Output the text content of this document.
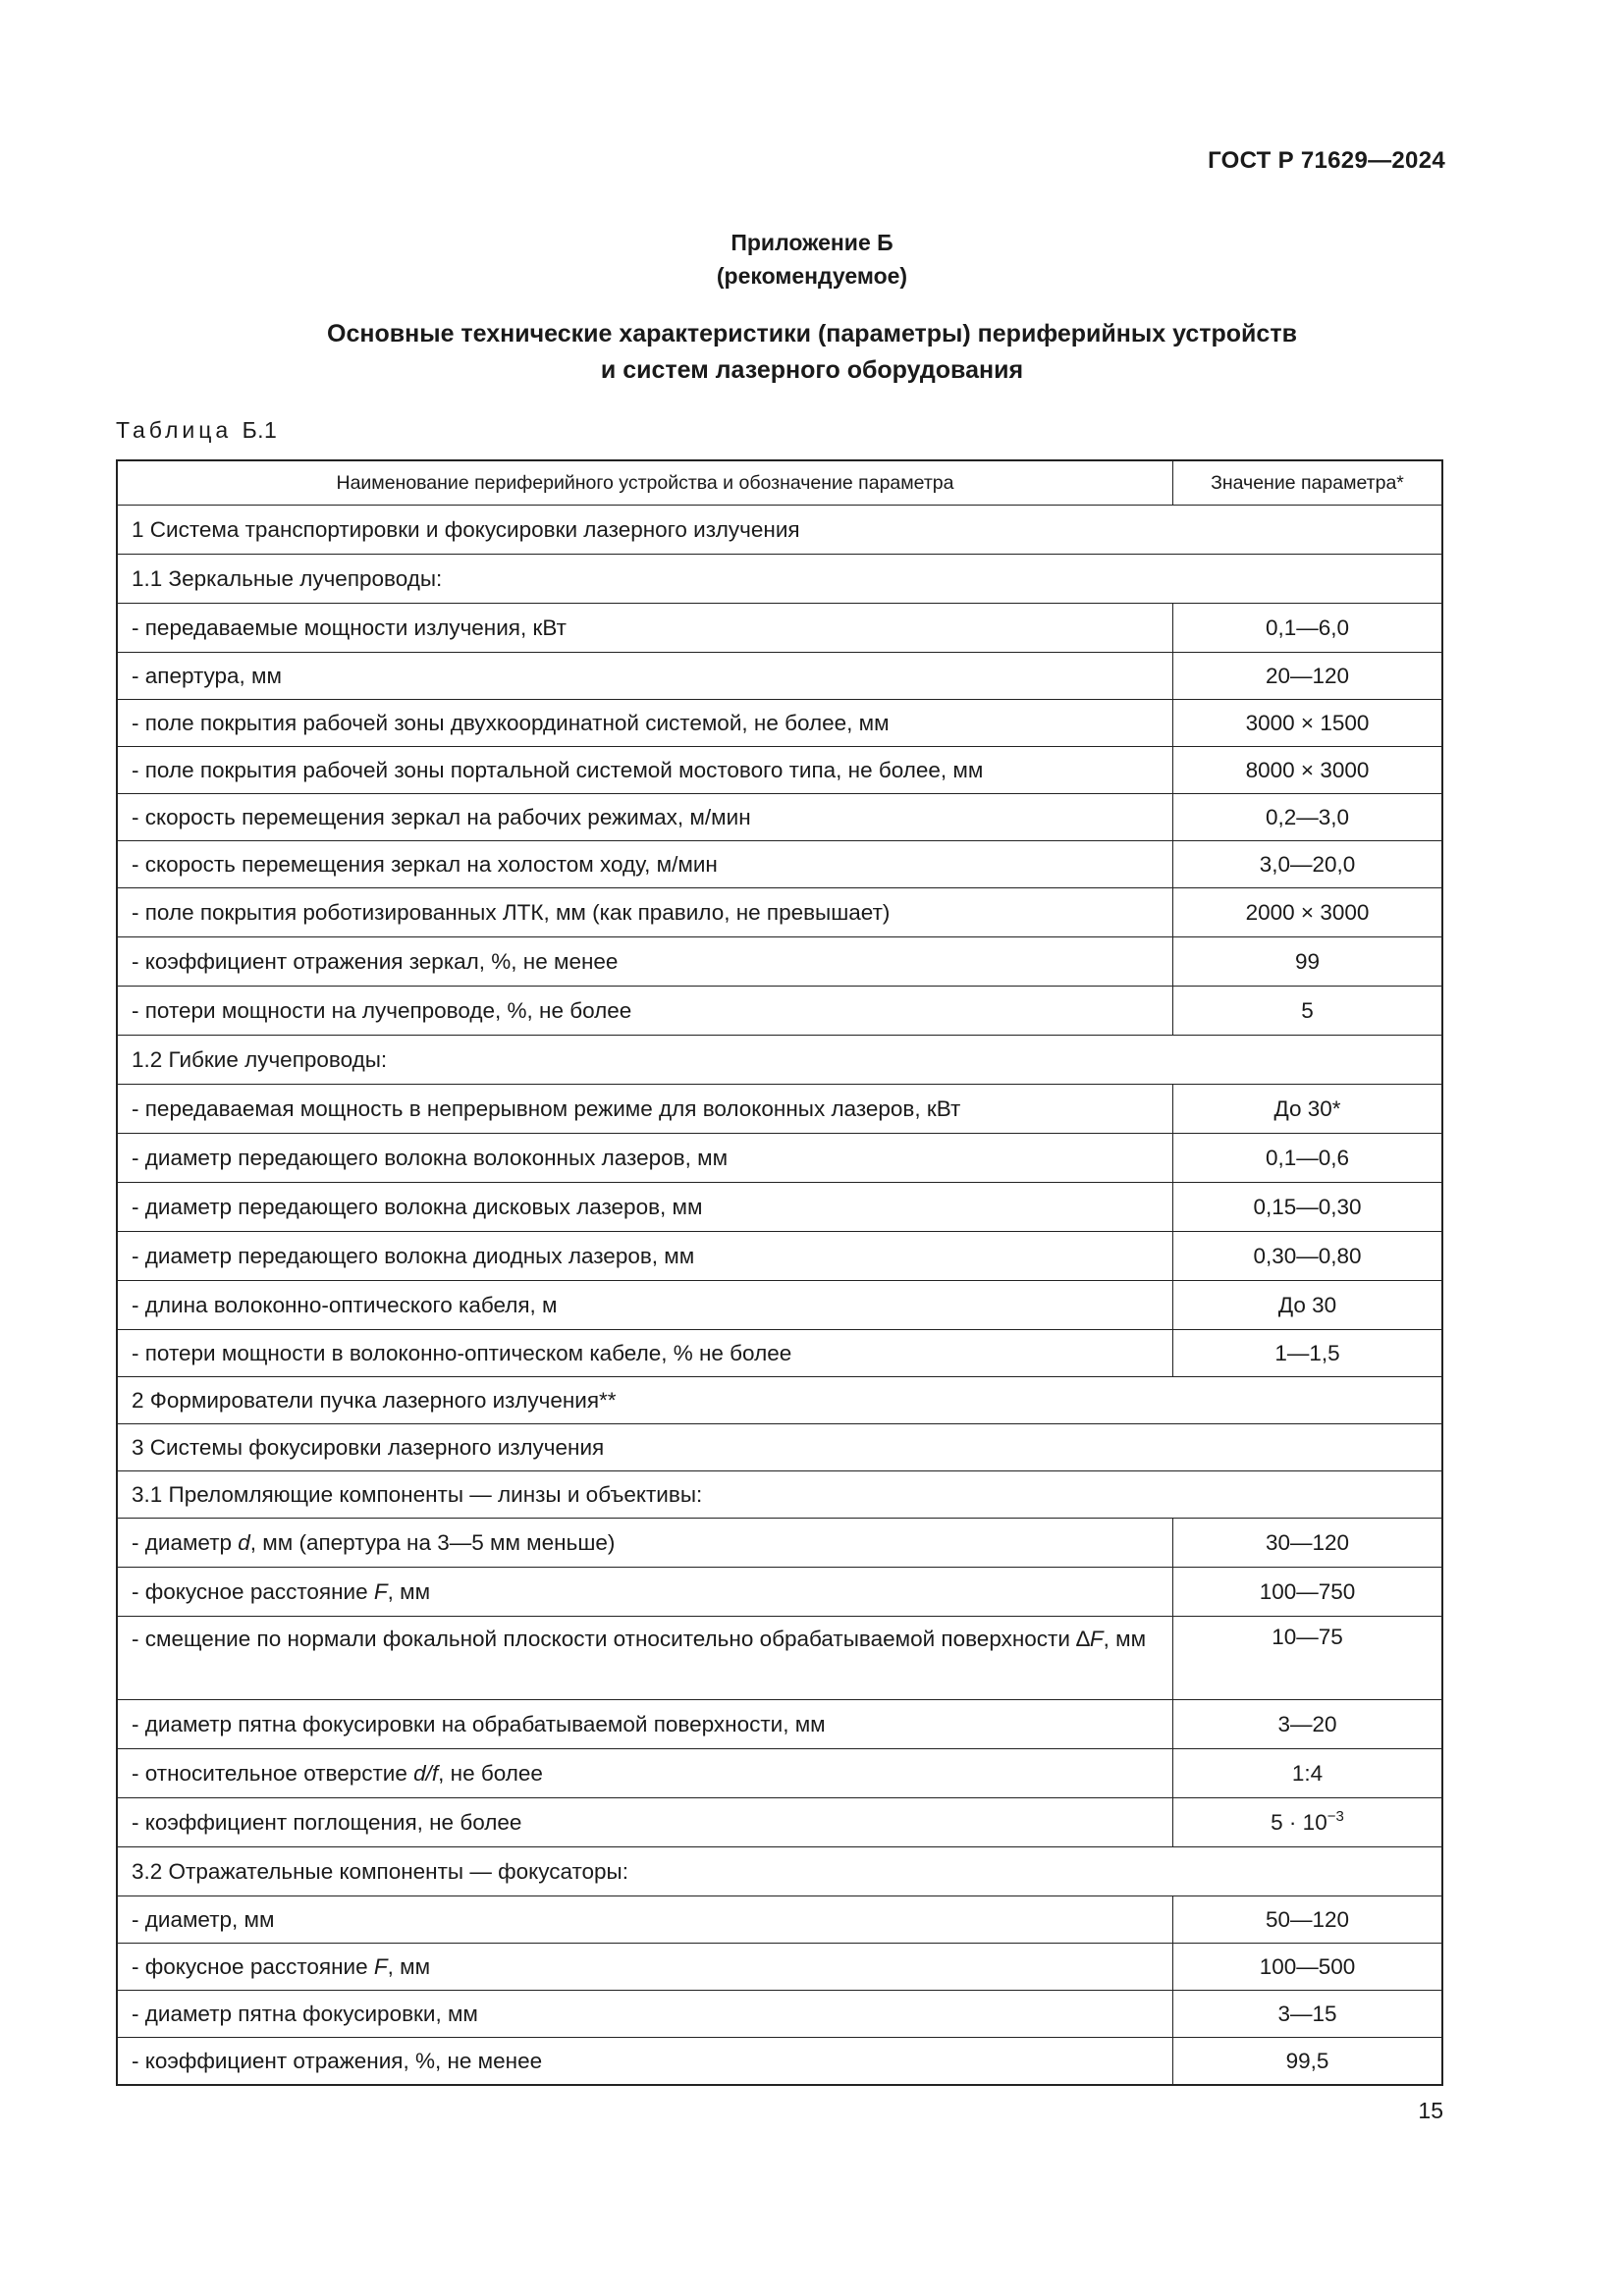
ГОСТ Р 71629—2024
Приложение Б
(рекомендуемое)
Основные технические характеристики (параметры) периферийных устройств
и систем лазерного оборудования
Таблица Б.1
Наименование периферийного устройства и обозначение параметра	Значение параметра*
1 Система транспортировки и фокусировки лазерного излучения	
1.1 Зеркальные лучепроводы:	
- передаваемые мощности излучения, кВт	0,1—6,0
- апертура, мм	20—120
- поле покрытия рабочей зоны двухкоординатной системой, не более, мм	3000 × 1500
- поле покрытия рабочей зоны портальной системой мостового типа, не более, мм	8000 × 3000
- скорость перемещения зеркал на рабочих режимах, м/мин	0,2—3,0
- скорость перемещения зеркал на холостом ходу, м/мин	3,0—20,0
- поле покрытия роботизированных ЛТК, мм (как правило, не превышает)	2000 × 3000
- коэффициент отражения зеркал, %, не менее	99
- потери мощности на лучепроводе, %, не более	5
1.2 Гибкие лучепроводы:	
- передаваемая мощность в непрерывном режиме для волоконных лазеров, кВт	До 30*
- диаметр передающего волокна волоконных лазеров, мм	0,1—0,6
- диаметр передающего волокна дисковых лазеров, мм	0,15—0,30
- диаметр передающего волокна диодных лазеров, мм	0,30—0,80
- длина волоконно-оптического кабеля, м	До 30
- потери мощности в волоконно-оптическом кабеле, % не более	1—1,5
2 Формирователи пучка лазерного излучения**	
3 Системы фокусировки лазерного излучения	
3.1 Преломляющие компоненты — линзы и объективы:	
- диаметр d, мм (апертура на 3—5 мм меньше)	30—120
- фокусное расстояние F, мм	100—750
- смещение по нормали фокальной плоскости относительно обрабатываемой поверхности ∆F, мм	10—75
- диаметр пятна фокусировки на обрабатываемой поверхности, мм	3—20
- относительное отверстие d/f, не более	1:4
- коэффициент поглощения, не более	$5 \cdot 10^{-3}$
3.2 Отражательные компоненты — фокусаторы:	
- диаметр, мм	50—120
- фокусное расстояние F, мм	100—500
- диаметр пятна фокусировки, мм	3—15
- коэффициент отражения, %, не менее	99,5
15
